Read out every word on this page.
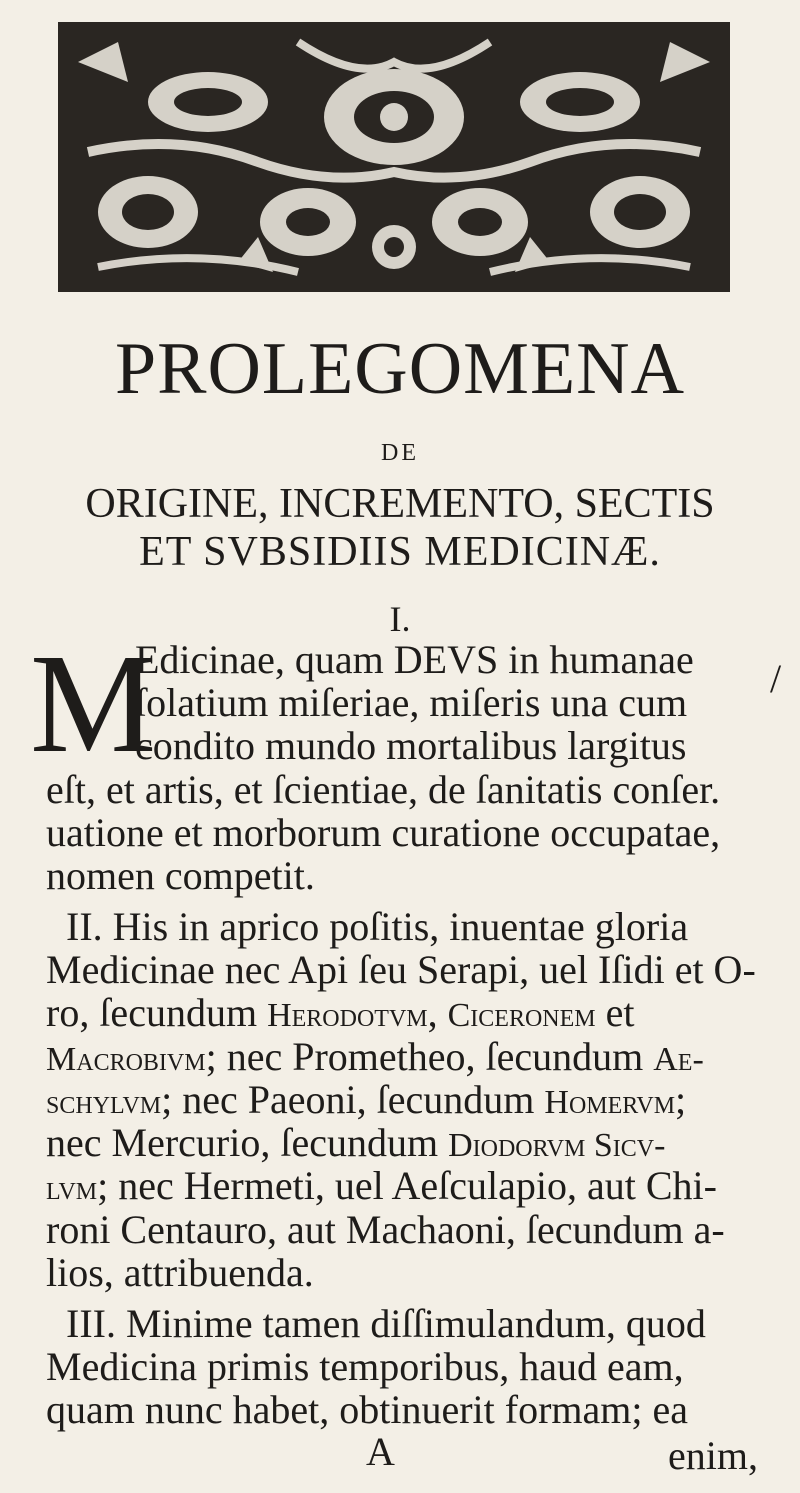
PROLEGOMENA
DE
ORIGINE, INCREMENTO, SECTIS
ET SVBSIDIIS MEDICINÆ.
I.
M	/
Edicinae, quam DEVS in humanae
ſolatium miſeriae, miſeris una cum
condito mundo mortalibus largitus
eſt, et artis, et ſcientiae, de ſanitatis conſer.
uatione et morborum curatione occupatae,
nomen competit.
II. His in aprico poſitis, inuentae gloria
Medicinae nec Api ſeu Serapi, uel Iſidi et O-
ro, ſecundum Herodotvm, Ciceronem et
Macrobivm; nec Prometheo, ſecundum Ae-
schylvm; nec Paeoni, ſecundum Homervm;
nec Mercurio, ſecundum Diodorvm Sicv-
lvm; nec Hermeti, uel Aeſculapio, aut Chi-
roni Centauro, aut Machaoni, ſecundum a-
lios, attribuenda.
III. Minime tamen diſſimulandum, quod
Medicina primis temporibus, haud eam,
quam nunc habet, obtinuerit formam; ea
A	enim,
